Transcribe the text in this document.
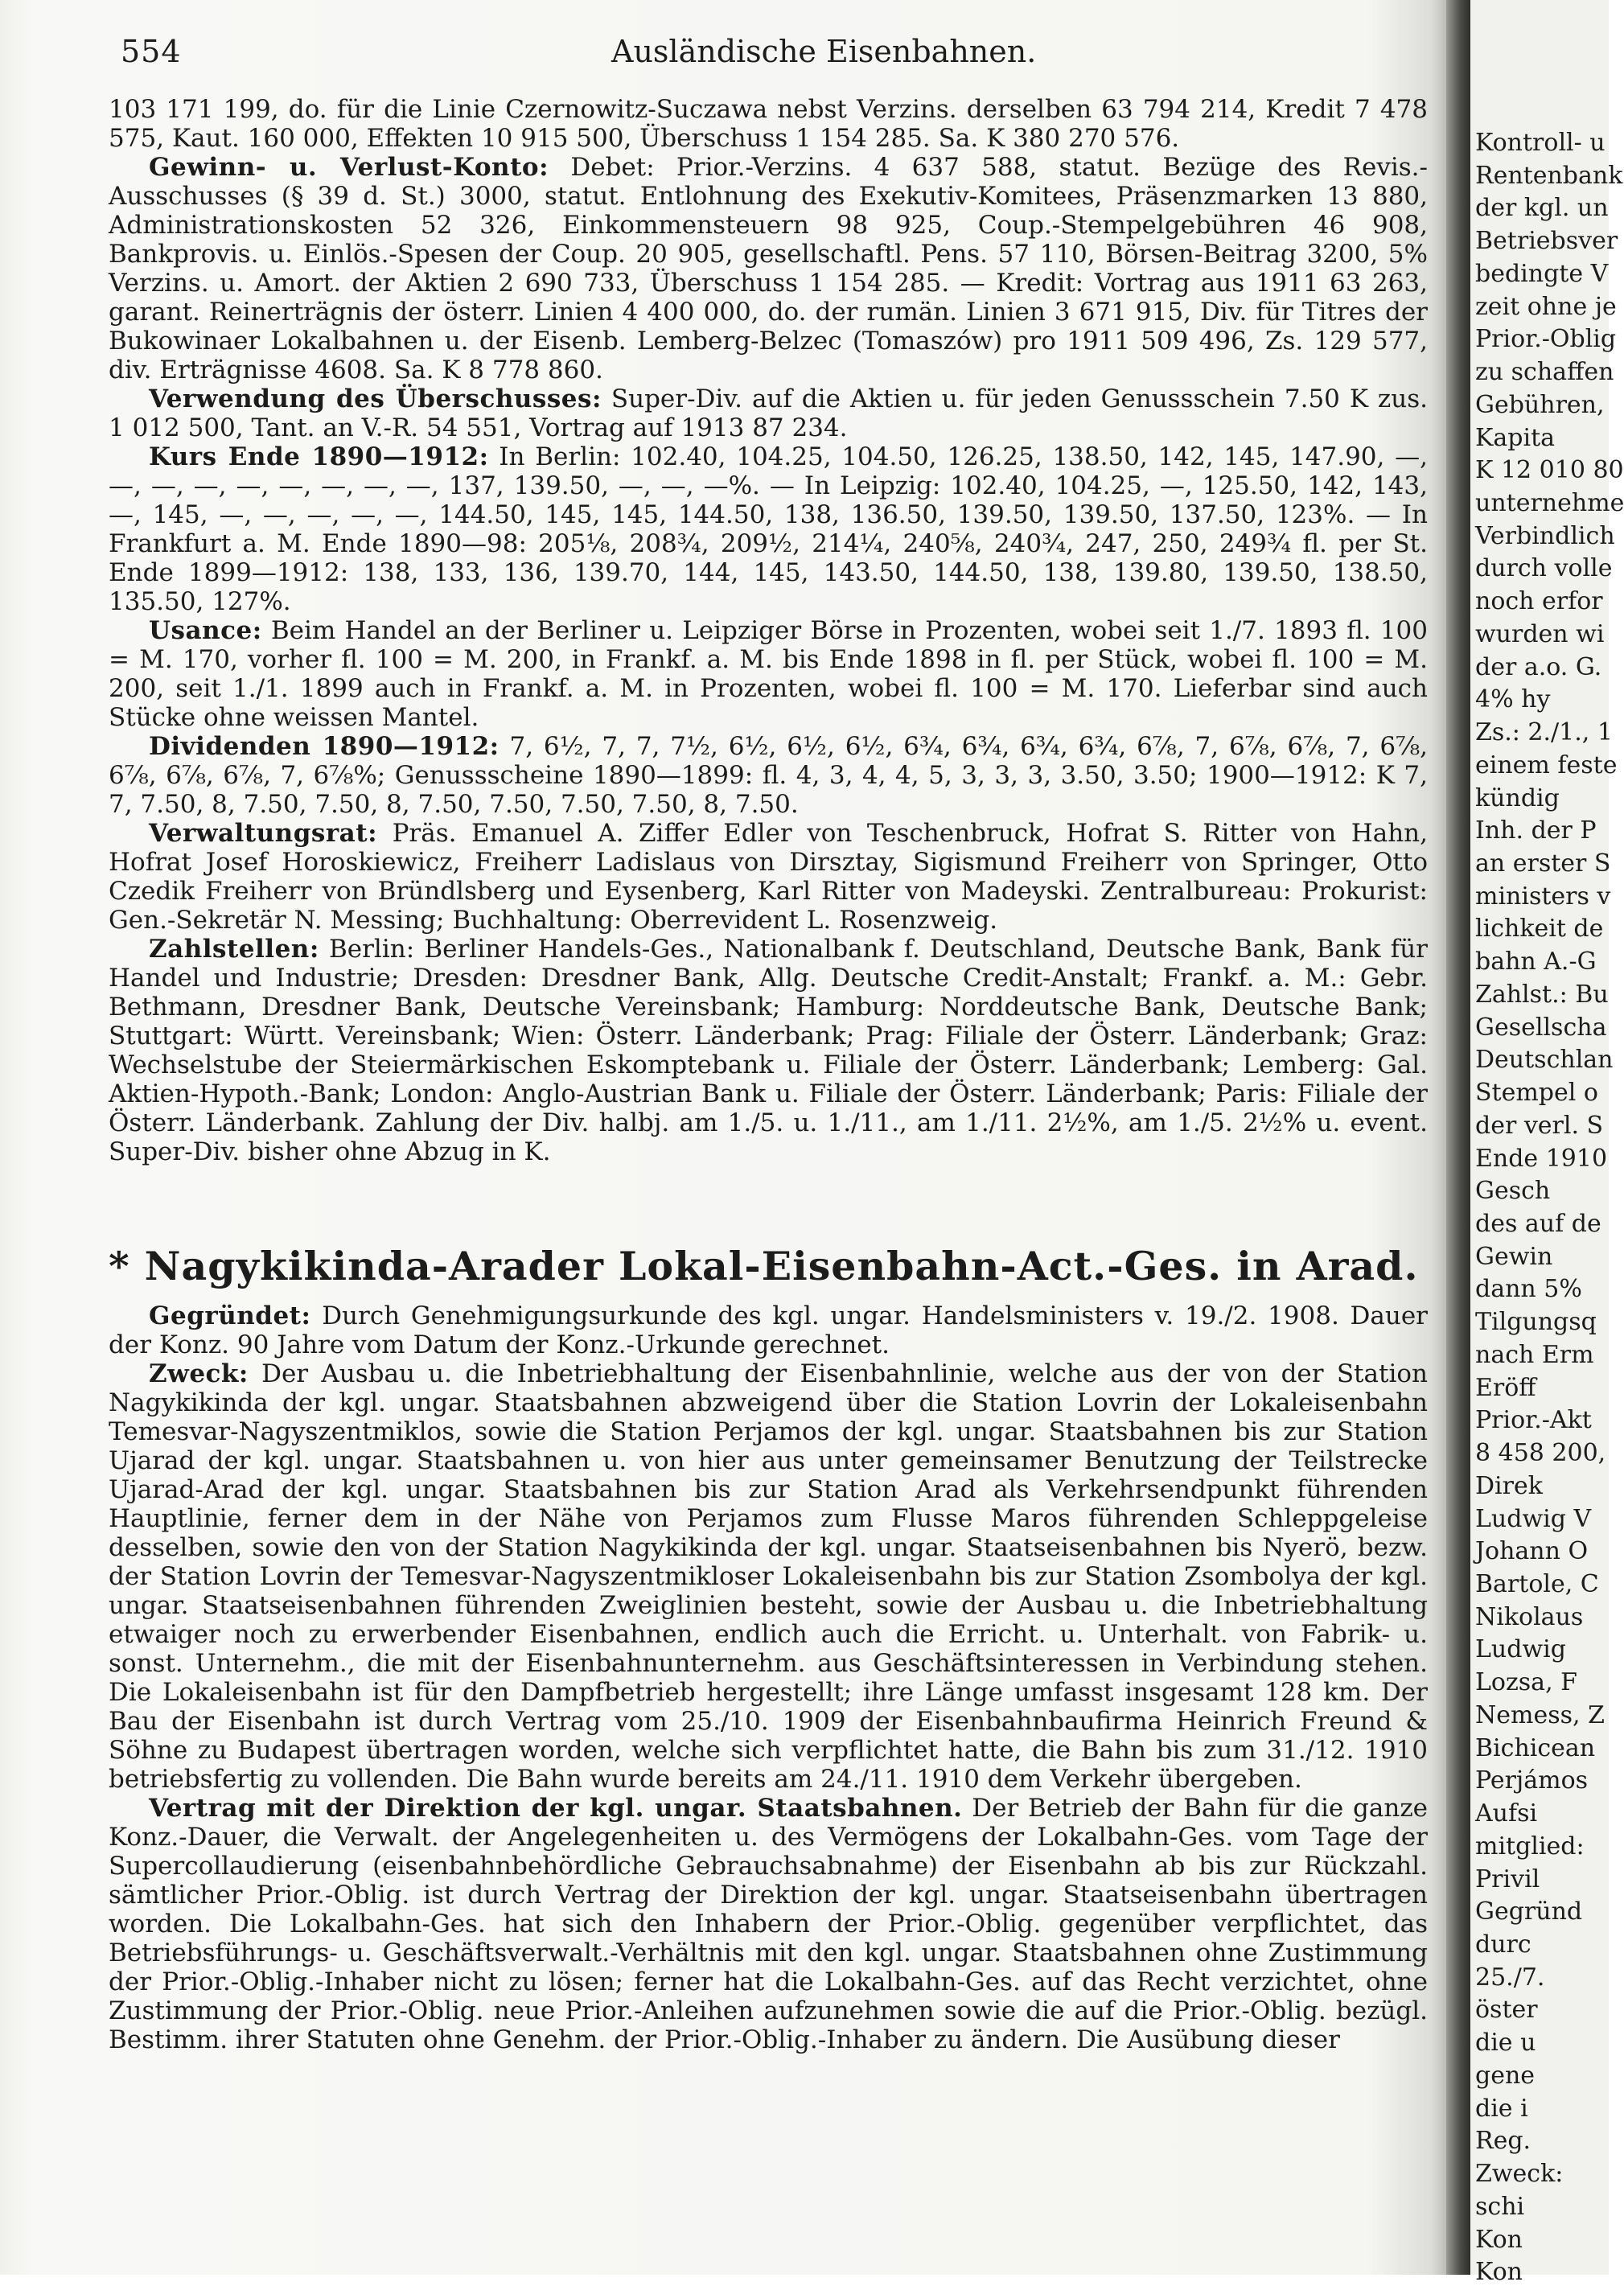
554	Ausländische Eisenbahnen.

103 171 199, do. für die Linie Czernowitz-Suczawa nebst Verzins. derselben 63 794 214, Kredit 7 478 575, Kaut. 160 000, Effekten 10 915 500, Überschuss 1 154 285. Sa. K 380 270 576.

Gewinn- u. Verlust-Konto: Debet: Prior.-Verzins. 4 637 588, statut. Bezüge des Revis.-Ausschusses (§ 39 d. St.) 3000, statut. Entlohnung des Exekutiv-Komitees, Präsenzmarken 13 880, Administrationskosten 52 326, Einkommensteuern 98 925, Coup.-Stempelgebühren 46 908, Bankprovis. u. Einlös.-Spesen der Coup. 20 905, gesellschaftl. Pens. 57 110, Börsen-Beitrag 3200, 5% Verzins. u. Amort. der Aktien 2 690 733, Überschuss 1 154 285. — Kredit: Vortrag aus 1911 63 263, garant. Reinerträgnis der österr. Linien 4 400 000, do. der rumän. Linien 3 671 915, Div. für Titres der Bukowinaer Lokalbahnen u. der Eisenb. Lemberg-Belzec (Tomaszów) pro 1911 509 496, Zs. 129 577, div. Erträgnisse 4608. Sa. K 8 778 860.

Verwendung des Überschusses: Super-Div. auf die Aktien u. für jeden Genussschein 7.50 K zus. 1 012 500, Tant. an V.-R. 54 551, Vortrag auf 1913 87 234.

Kurs Ende 1890—1912: In Berlin: 102.40, 104.25, 104.50, 126.25, 138.50, 142, 145, 147.90, —, —, —, —, —, —, —, —, —, 137, 139.50, —, —, —%. — In Leipzig: 102.40, 104.25, —, 125.50, 142, 143, —, 145, —, —, —, —, —, 144.50, 145, 145, 144.50, 138, 136.50, 139.50, 139.50, 137.50, 123%. — In Frankfurt a. M. Ende 1890—98: 205⅛, 208¾, 209½, 214¼, 240⅝, 240¾, 247, 250, 249¾ fl. per St. Ende 1899—1912: 138, 133, 136, 139.70, 144, 145, 143.50, 144.50, 138, 139.80, 139.50, 138.50, 135.50, 127%.

Usance: Beim Handel an der Berliner u. Leipziger Börse in Prozenten, wobei seit 1./7. 1893 fl. 100 = M. 170, vorher fl. 100 = M. 200, in Frankf. a. M. bis Ende 1898 in fl. per Stück, wobei fl. 100 = M. 200, seit 1./1. 1899 auch in Frankf. a. M. in Prozenten, wobei fl. 100 = M. 170. Lieferbar sind auch Stücke ohne weissen Mantel.

Dividenden 1890—1912: 7, 6½, 7, 7, 7½, 6½, 6½, 6½, 6¾, 6¾, 6¾, 6¾, 6⅞, 7, 6⅞, 6⅞, 7, 6⅞, 6⅞, 6⅞, 6⅞, 7, 6⅞%; Genussscheine 1890—1899: fl. 4, 3, 4, 4, 5, 3, 3, 3, 3.50, 3.50; 1900—1912: K 7, 7, 7.50, 8, 7.50, 7.50, 8, 7.50, 7.50, 7.50, 7.50, 8, 7.50.

Verwaltungsrat: Präs. Emanuel A. Ziffer Edler von Teschenbruck, Hofrat S. Ritter von Hahn, Hofrat Josef Horoskiewicz, Freiherr Ladislaus von Dirsztay, Sigismund Freiherr von Springer, Otto Czedik Freiherr von Bründlsberg und Eysenberg, Karl Ritter von Madeyski. Zentralbureau: Prokurist: Gen.-Sekretär N. Messing; Buchhaltung: Oberrevident L. Rosenzweig.

Zahlstellen: Berlin: Berliner Handels-Ges., Nationalbank f. Deutschland, Deutsche Bank, Bank für Handel und Industrie; Dresden: Dresdner Bank, Allg. Deutsche Credit-Anstalt; Frankf. a. M.: Gebr. Bethmann, Dresdner Bank, Deutsche Vereinsbank; Hamburg: Norddeutsche Bank, Deutsche Bank; Stuttgart: Württ. Vereinsbank; Wien: Österr. Länderbank; Prag: Filiale der Österr. Länderbank; Graz: Wechselstube der Steiermärkischen Eskomptebank u. Filiale der Österr. Länderbank; Lemberg: Gal. Aktien-Hypoth.-Bank; London: Anglo-Austrian Bank u. Filiale der Österr. Länderbank; Paris: Filiale der Österr. Länderbank. Zahlung der Div. halbj. am 1./5. u. 1./11., am 1./11. 2½%, am 1./5. 2½% u. event. Super-Div. bisher ohne Abzug in K.

* Nagykikinda-Arader Lokal-Eisenbahn-Act.-Ges. in Arad.

Gegründet: Durch Genehmigungsurkunde des kgl. ungar. Handelsministers v. 19./2. 1908. Dauer der Konz. 90 Jahre vom Datum der Konz.-Urkunde gerechnet.

Zweck: Der Ausbau u. die Inbetriebhaltung der Eisenbahnlinie, welche aus der von der Station Nagykikinda der kgl. ungar. Staatsbahnen abzweigend über die Station Lovrin der Lokaleisenbahn Temesvar-Nagyszentmiklos, sowie die Station Perjamos der kgl. ungar. Staatsbahnen bis zur Station Ujarad der kgl. ungar. Staatsbahnen u. von hier aus unter gemeinsamer Benutzung der Teilstrecke Ujarad-Arad der kgl. ungar. Staatsbahnen bis zur Station Arad als Verkehrsendpunkt führenden Hauptlinie, ferner dem in der Nähe von Perjamos zum Flusse Maros führenden Schleppgeleise desselben, sowie den von der Station Nagykikinda der kgl. ungar. Staatseisenbahnen bis Nyerö, bezw. der Station Lovrin der Temesvar-Nagyszentmikloser Lokaleisenbahn bis zur Station Zsombolya der kgl. ungar. Staatseisenbahnen führenden Zweiglinien besteht, sowie der Ausbau u. die Inbetriebhaltung etwaiger noch zu erwerbender Eisenbahnen, endlich auch die Erricht. u. Unterhalt. von Fabrik- u. sonst. Unternehm., die mit der Eisenbahnunternehm. aus Geschäftsinteressen in Verbindung stehen. Die Lokaleisenbahn ist für den Dampfbetrieb hergestellt; ihre Länge umfasst insgesamt 128 km. Der Bau der Eisenbahn ist durch Vertrag vom 25./10. 1909 der Eisenbahnbaufirma Heinrich Freund & Söhne zu Budapest übertragen worden, welche sich verpflichtet hatte, die Bahn bis zum 31./12. 1910 betriebsfertig zu vollenden. Die Bahn wurde bereits am 24./11. 1910 dem Verkehr übergeben.

Vertrag mit der Direktion der kgl. ungar. Staatsbahnen. Der Betrieb der Bahn für die ganze Konz.-Dauer, die Verwalt. der Angelegenheiten u. des Vermögens der Lokalbahn-Ges. vom Tage der Supercollaudierung (eisenbahnbehördliche Gebrauchsabnahme) der Eisenbahn ab bis zur Rückzahl. sämtlicher Prior.-Oblig. ist durch Vertrag der Direktion der kgl. ungar. Staatseisenbahn übertragen worden. Die Lokalbahn-Ges. hat sich den Inhabern der Prior.-Oblig. gegenüber verpflichtet, das Betriebsführungs- u. Geschäftsverwalt.-Verhältnis mit den kgl. ungar. Staatsbahnen ohne Zustimmung der Prior.-Oblig.-Inhaber nicht zu lösen; ferner hat die Lokalbahn-Ges. auf das Recht verzichtet, ohne Zustimmung der Prior.-Oblig. neue Prior.-Anleihen aufzunehmen sowie die auf die Prior.-Oblig. bezügl. Bestimm. ihrer Statuten ohne Genehm. der Prior.-Oblig.-Inhaber zu ändern. Die Ausübung dieser

Kontroll- u
Rentenbank
der kgl. un
Betriebsver
bedingte V
zeit ohne je
Prior.-Oblig
zu schaffen
Gebühren,
Kapita
K 12 010 80
unternehme
Verbindlich
durch volle
noch erfor
wurden wi
der a.o. G.
4% hy
Zs.: 2./1., 1
einem feste
kündig
Inh. der P
an erster S
ministers v
lichkeit de
bahn A.-G
Zahlst.: Bu
Gesellscha
Deutschlan
Stempel o
der verl. S
Ende 1910
Gesch
des auf de
Gewin
dann 5%
Tilgungsq
nach Erm
Eröff
Prior.-Akt
8 458 200,
Direk
Ludwig V
Johann O
Bartole, C
Nikolaus
Ludwig
Lozsa, F
Nemess, Z
Bichicean
Perjámos
Aufsi
mitglied:
Privil
Gegründ
durc
25./7.
öster
die u
gene
die i
Reg.
Zweck:
schi
Kon
Kon
